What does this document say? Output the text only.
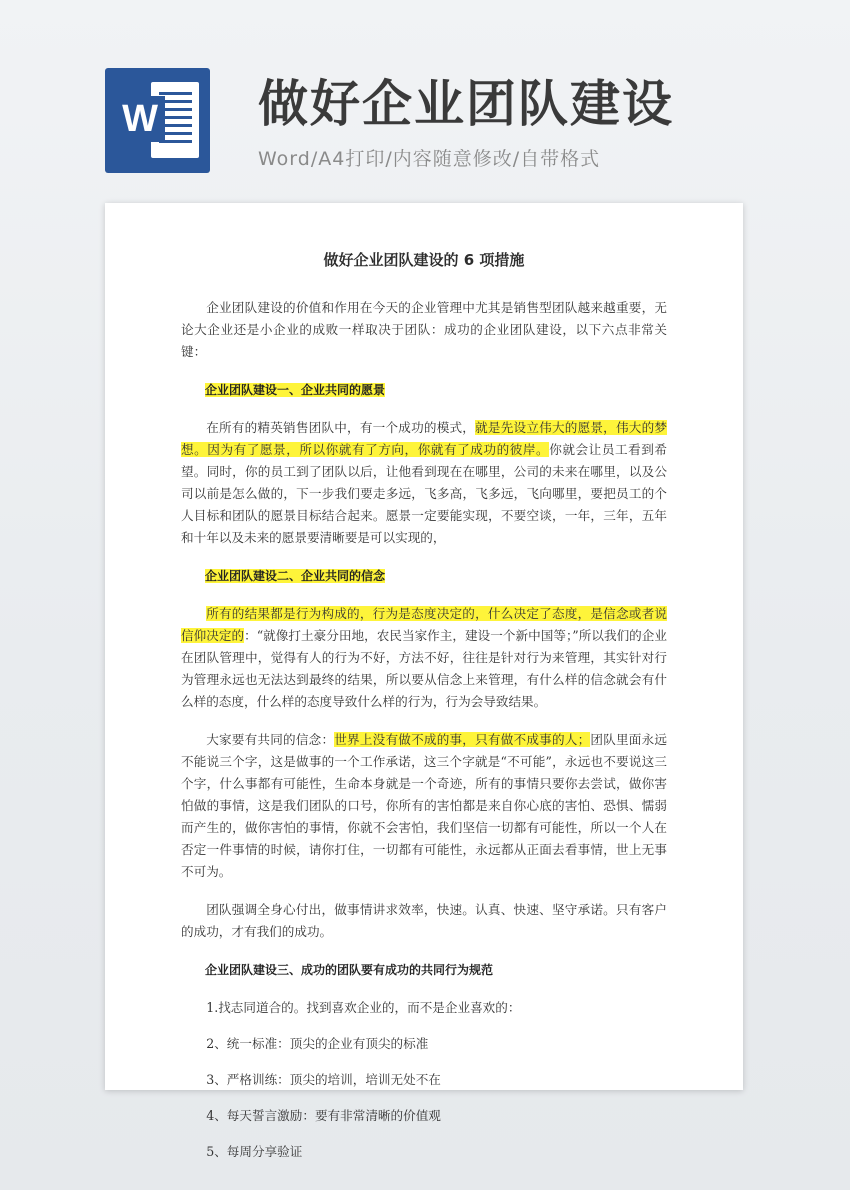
W 做好企业团队建设
Word/A4打印/内容随意修改/自带格式
做好企业团队建设的 6 项措施

企业团队建设的价值和作用在今天的企业管理中尤其是销售型团队越来越重要，无论大企业还是小企业的成败一样取决于团队：成功的企业团队建设，以下六点非常关键：

企业团队建设一、企业共同的愿景

在所有的精英销售团队中，有一个成功的模式，就是先设立伟大的愿景，伟大的梦想。因为有了愿景，所以你就有了方向，你就有了成功的彼岸。你就会让员工看到希望。同时，你的员工到了团队以后，让他看到现在在哪里，公司的未来在哪里，以及公司以前是怎么做的，下一步我们要走多远，飞多高，飞多远，飞向哪里，要把员工的个人目标和团队的愿景目标结合起来。愿景一定要能实现，不要空谈，一年，三年，五年和十年以及未来的愿景要清晰要是可以实现的，

企业团队建设二、企业共同的信念

所有的结果都是行为构成的，行为是态度决定的，什么决定了态度，是信念或者说信仰决定的：“就像打土豪分田地，农民当家作主，建设一个新中国等；”所以我们的企业在团队管理中，觉得有人的行为不好，方法不好，往往是针对行为来管理，其实针对行为管理永远也无法达到最终的结果，所以要从信念上来管理，有什么样的信念就会有什么样的态度，什么样的态度导致什么样的行为，行为会导致结果。

大家要有共同的信念：世界上没有做不成的事，只有做不成事的人；团队里面永远不能说三个字，这是做事的一个工作承诺，这三个字就是“不可能”，永远也不要说这三个字，什么事都有可能性，生命本身就是一个奇迹，所有的事情只要你去尝试，做你害怕做的事情，这是我们团队的口号，你所有的害怕都是来自你心底的害怕、恐惧、懦弱而产生的，做你害怕的事情，你就不会害怕，我们坚信一切都有可能性，所以一个人在否定一件事情的时候，请你打住，一切都有可能性，永远都从正面去看事情，世上无事不可为。

团队强调全身心付出，做事情讲求效率，快速。认真、快速、坚守承诺。只有客户的成功，才有我们的成功。

企业团队建设三、成功的团队要有成功的共同行为规范
1.找志同道合的。找到喜欢企业的，而不是企业喜欢的：
2、统一标准：顶尖的企业有顶尖的标准
3、严格训练：顶尖的培训，培训无处不在
4、每天誓言激励：要有非常清晰的价值观
5、每周分享验证
